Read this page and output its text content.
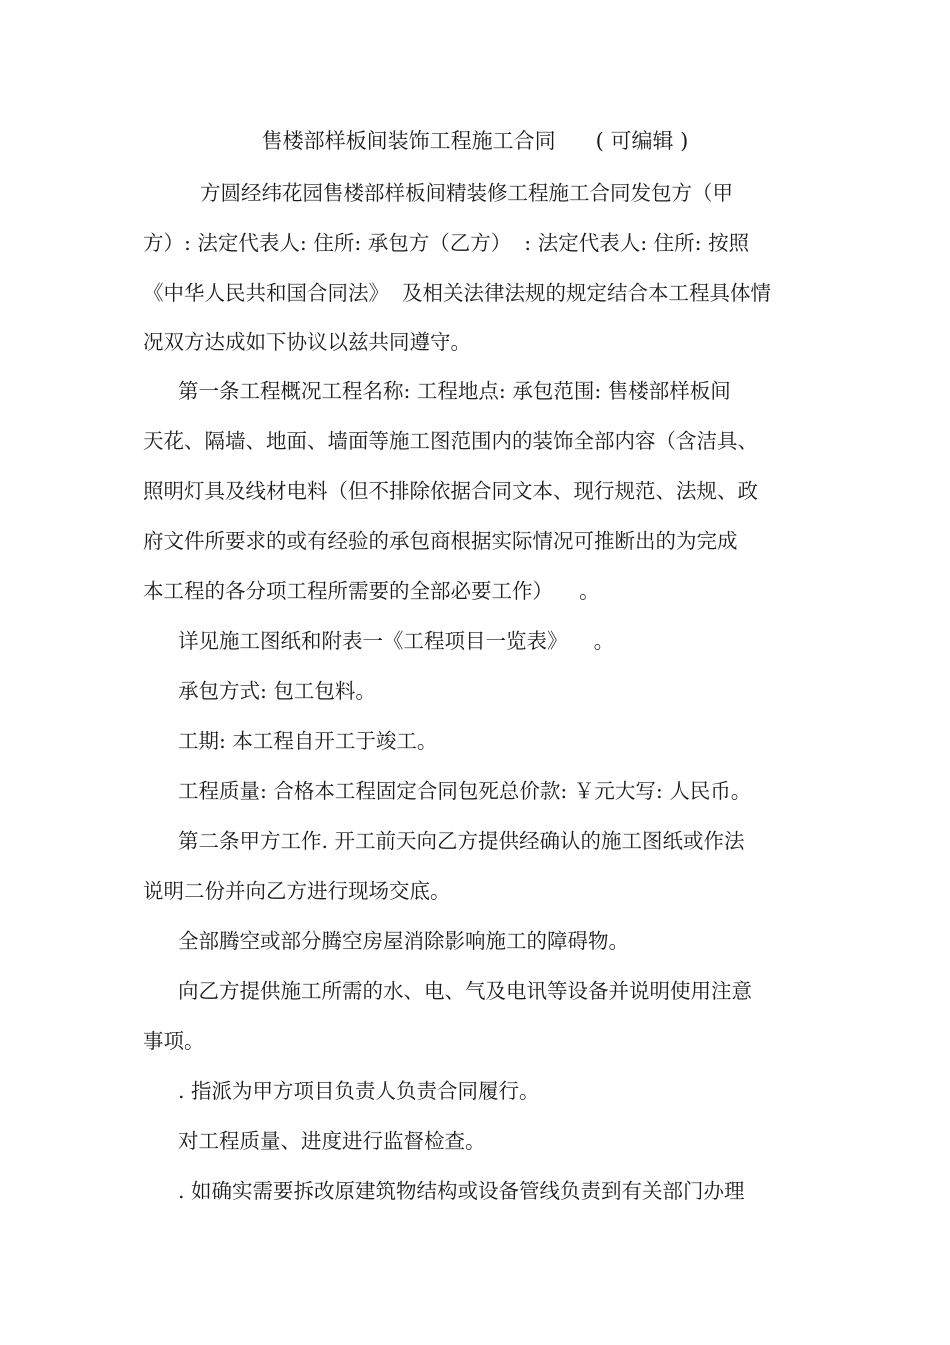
售楼部样板间装饰工程施工合同      ( 可编辑 )
方圆经纬花园售楼部样板间精装修工程施工合同发包方（甲
方）: 法定代表人: 住所: 承包方（乙方）  : 法定代表人: 住所: 按照
《中华人民共和国合同法》  及相关法律法规的规定结合本工程具体情
况双方达成如下协议以兹共同遵守。
第一条工程概况工程名称: 工程地点: 承包范围: 售楼部样板间
天花、隔墙、地面、墙面等施工图范围内的装饰全部内容（含洁具、
照明灯具及线材电料（但不排除依据合同文本、现行规范、法规、政
府文件所要求的或有经验的承包商根据实际情况可推断出的为完成
本工程的各分项工程所需要的全部必要工作）    。
详见施工图纸和附表一《工程项目一览表》    。
承包方式: 包工包料。
工期: 本工程自开工于竣工。
工程质量: 合格本工程固定合同包死总价款: ￥元大写: 人民币。
第二条甲方工作. 开工前天向乙方提供经确认的施工图纸或作法
说明二份并向乙方进行现场交底。
全部腾空或部分腾空房屋消除影响施工的障碍物。
向乙方提供施工所需的水、电、气及电讯等设备并说明使用注意
事项。
. 指派为甲方项目负责人负责合同履行。
对工程质量、进度进行监督检查。
. 如确实需要拆改原建筑物结构或设备管线负责到有关部门办理
